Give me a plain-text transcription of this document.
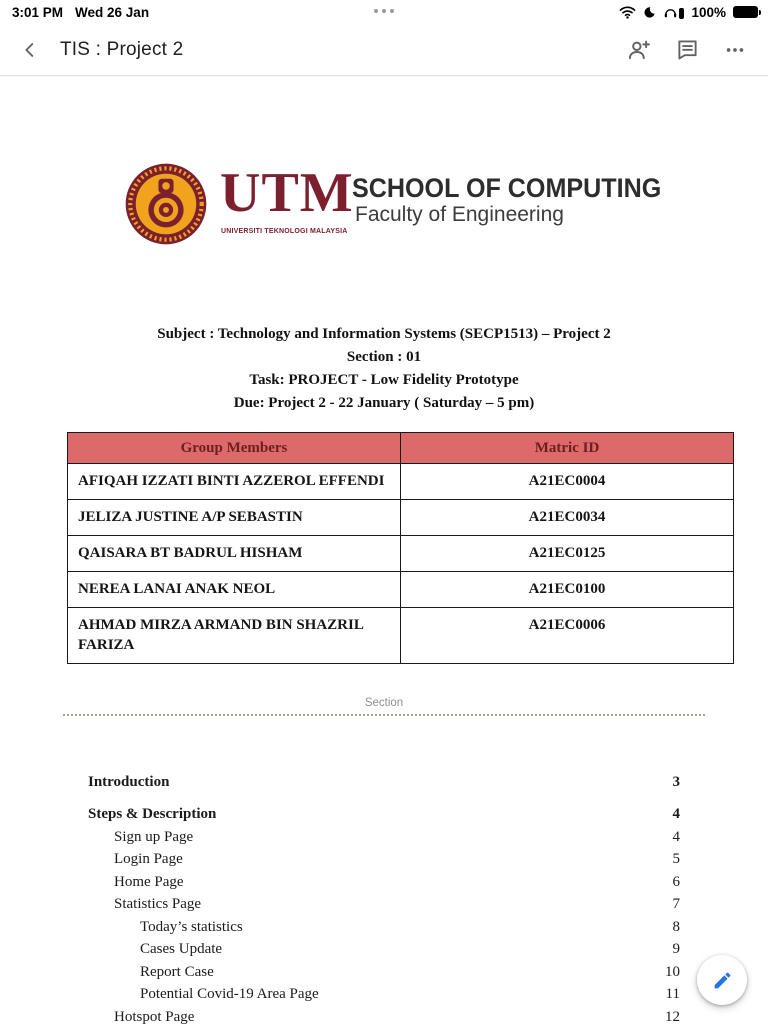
3:01 PM Wed 26 Jan	100%
TIS : Project 2
UTM
UNIVERSITI TEKNOLOGI MALAYSIA
SCHOOL OF COMPUTING
Faculty of Engineering
Subject : Technology and Information Systems (SECP1513) – Project 2
Section : 01
Task: PROJECT - Low Fidelity Prototype
Due: Project 2 - 22 January ( Saturday – 5 pm)
Group Members	Matric ID
AFIQAH IZZATI BINTI AZZEROL EFFENDI	A21EC0004
JELIZA JUSTINE A/P SEBASTIN	A21EC0034
QAISARA BT BADRUL HISHAM	A21EC0125
NEREA LANAI ANAK NEOL	A21EC0100
AHMAD MIRZA ARMAND BIN SHAZRIL FARIZA	A21EC0006
Section
Introduction	3
Steps & Description	4
Sign up Page	4
Login Page	5
Home Page	6
Statistics Page	7
Today’s statistics	8
Cases Update	9
Report Case	10
Potential Covid-19 Area Page	11
Hotspot Page	12
